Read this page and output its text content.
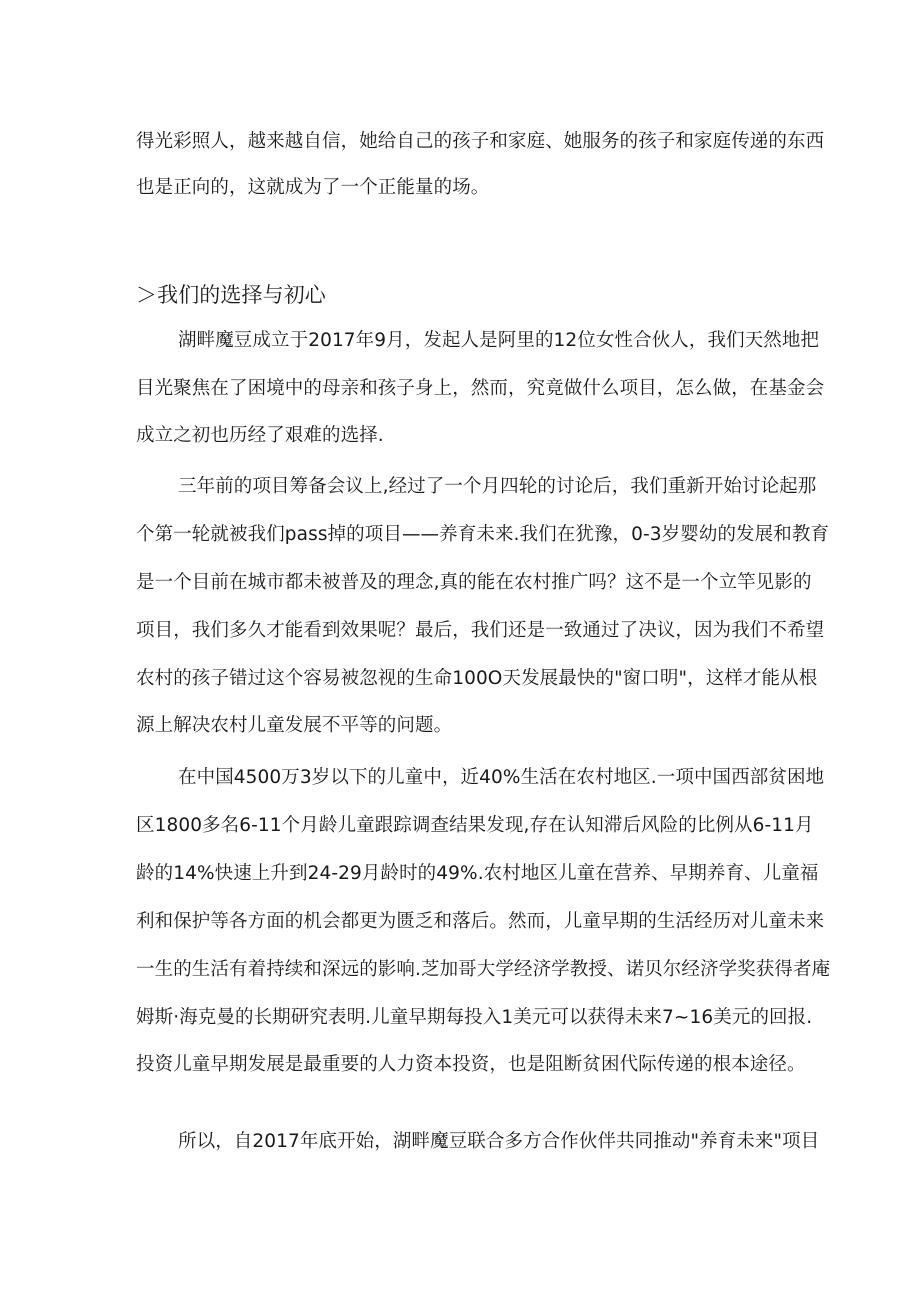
得光彩照人，越来越自信，她给自己的孩子和家庭、她服务的孩子和家庭传递的东西
也是正向的，这就成为了一个正能量的场。
＞我们的选择与初心
湖畔魔豆成立于2017年9月，发起人是阿里的12位女性合伙人，我们天然地把
目光聚焦在了困境中的母亲和孩子身上，然而，究竟做什么项目，怎么做，在基金会
成立之初也历经了艰难的选择.
三年前的项目筹备会议上,经过了一个月四轮的讨论后，我们重新开始讨论起那
个第一轮就被我们pass掉的项目——养育未来.我们在犹豫，0-3岁婴幼的发展和教育
是一个目前在城市都未被普及的理念,真的能在农村推广吗？这不是一个立竿见影的
项目，我们多久才能看到效果呢？最后，我们还是一致通过了决议，因为我们不希望
农村的孩子错过这个容易被忽视的生命100O天发展最快的"窗口明"，这样才能从根
源上解决农村儿童发展不平等的问题。
在中国4500万3岁以下的儿童中，近40%生活在农村地区.一项中国西部贫困地
区1800多名6-11个月龄儿童跟踪调查结果发现,存在认知滞后风险的比例从6-11月
龄的14%快速上升到24-29月龄时的49%.农村地区儿童在营养、早期养育、儿童福
利和保护等各方面的机会都更为匮乏和落后。然而，儿童早期的生活经历对儿童未来
一生的生活有着持续和深远的影响.芝加哥大学经济学教授、诺贝尔经济学奖获得者庵
姆斯·海克曼的长期研究表明.儿童早期每投入1美元可以获得未来7~16美元的回报.
投资儿童早期发展是最重要的人力资本投资，也是阻断贫困代际传递的根本途径。
所以，自2017年底开始，湖畔魔豆联合多方合作伙伴共同推动"养育未来"项目
